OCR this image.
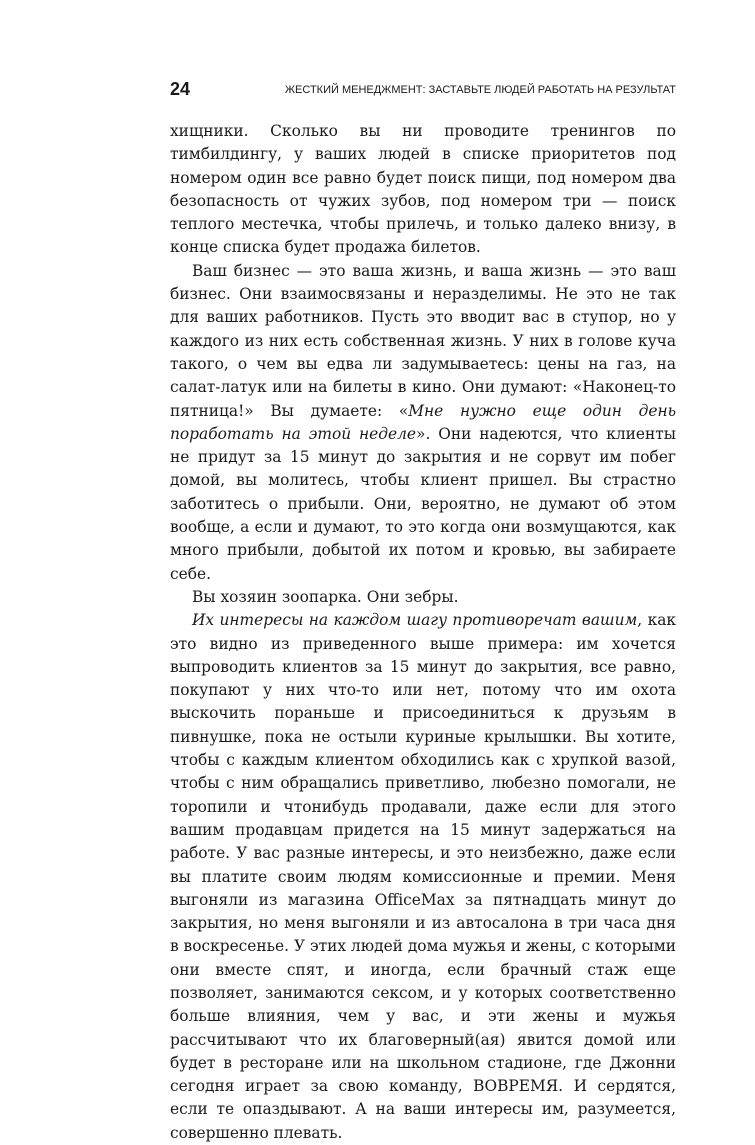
24	ЖЕСТКИЙ МЕНЕДЖМЕНТ: ЗАСТАВЬТЕ ЛЮДЕЙ РАБОТАТЬ НА РЕЗУЛЬТАТ

хищники. Сколько вы ни проводите тренингов по тимбилдингу, у ваших людей в списке приоритетов под номером один все равно будет поиск пищи, под номером два безопасность от чужих зубов, под номером три — поиск теплого местечка, чтобы прилечь, и только далеко внизу, в конце списка будет продажа билетов.

Ваш бизнес — это ваша жизнь, и ваша жизнь — это ваш бизнес. Они взаимосвязаны и неразделимы. Не это не так для ваших работников. Пусть это вводит вас в ступор, но у каждого из них есть собственная жизнь. У них в голове куча такого, о чем вы едва ли задумываетесь: цены на газ, на салат-латук или на билеты в кино. Они думают: «Наконец-то пятница!» Вы думаете: «Мне нужно еще один день поработать на этой неделе». Они надеются, что клиенты не придут за 15 минут до закрытия и не сорвут им побег домой, вы молитесь, чтобы клиент пришел. Вы страстно заботитесь о прибыли. Они, вероятно, не думают об этом вообще, а если и думают, то это когда они возмущаются, как много прибыли, добытой их потом и кровью, вы забираете себе.

Вы хозяин зоопарка. Они зебры.

Их интересы на каждом шагу противоречат вашим, как это видно из приведенного выше примера: им хочется выпроводить клиентов за 15 минут до закрытия, все равно, покупают у них что-то или нет, потому что им охота выскочить пораньше и присоединиться к друзьям в пивнушке, пока не остыли куриные крылышки. Вы хотите, чтобы с каждым клиентом обходились как с хрупкой вазой, чтобы с ним обращались приветливо, любезно помогали, не торопили и чтонибудь продавали, даже если для этого вашим продавцам придется на 15 минут задержаться на работе. У вас разные интересы, и это неизбежно, даже если вы платите своим людям комиссионные и премии. Меня выгоняли из магазина OfficeMax за пятнадцать минут до закрытия, но меня выгоняли и из автосалона в три часа дня в воскресенье. У этих людей дома мужья и жены, с которыми они вместе спят, и иногда, если брачный стаж еще позволяет, занимаются сексом, и у которых соответственно больше влияния, чем у вас, и эти жены и мужья рассчитывают что их благоверный(ая) явится домой или будет в ресторане или на школьном стадионе, где Джонни сегодня играет за свою команду, ВОВРЕМЯ. И сердятся, если те опаздывают. А на ваши интересы им, разумеется, совершенно плевать.
